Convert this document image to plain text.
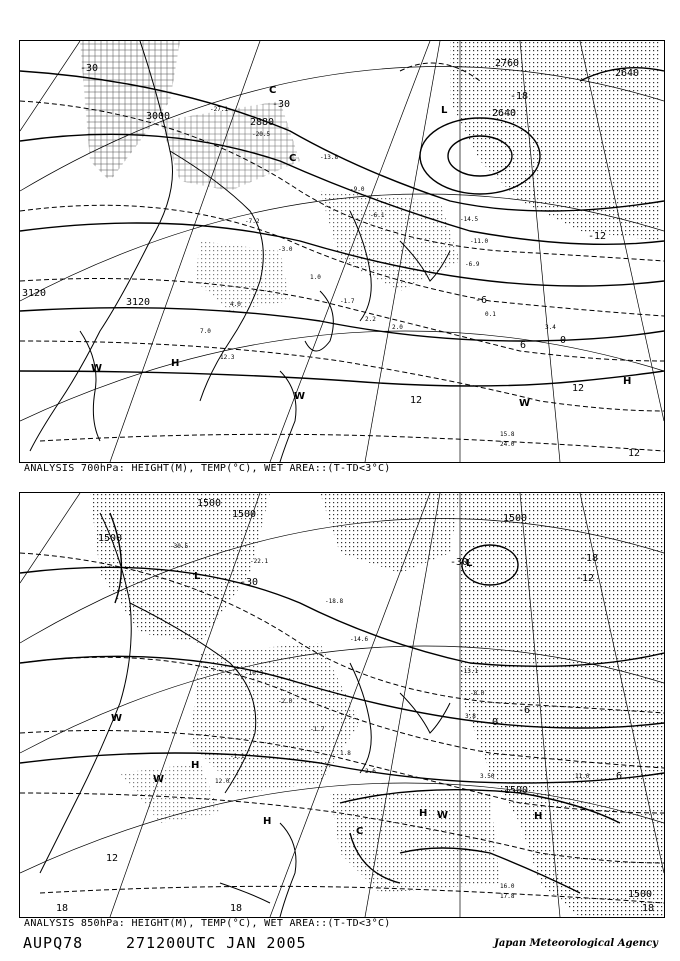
-27.1
-20.5
-13.8
-9.0
-6.1
-7.2
-3.0
1.0
-1.7
2.2
2.0
4.0
7.0
12.3
-14.5
-11.0
-6.9
0.1
3.4
15.8
24.0
3000
2880
2760
2640
2640
3120
3120
-30
-18
-12
-6
0
6
12
12
12
-30
L
H
H
W
W
W
C
C
ANALYSIS 700hPa: HEIGHT(M), TEMP(°C), WET AREA::(T-TD<3°C)
-30.5
-22.1
-18.8
-14.6
-10.3
-2.0
-1.7
1.8
2.6
-1.1
12.0
-13.1
-8.0
3.8
3.50	11.0
16.0
17.8
1500
1500
1500
1500
1500
1500
-30
-18
-12
-6
0
6
12
18	18	18
-30
L
L
H
H
H	H
W
W
W
C
ANALYSIS 850hPa: HEIGHT(M), TEMP(°C), WET AREA::(T-TD<3°C)
AUPQ78	271200UTC JAN 2005	Japan Meteorological Agency
